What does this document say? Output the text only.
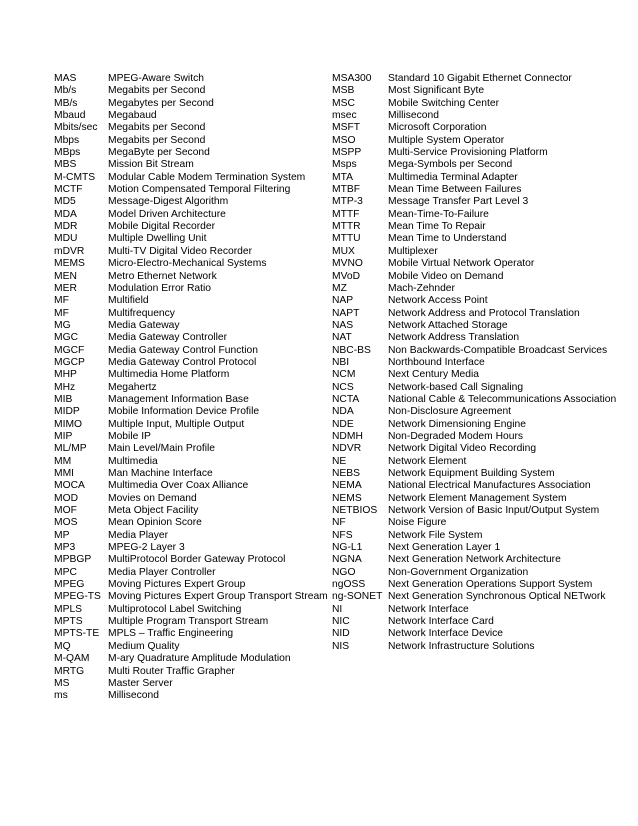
MAS	MPEG-Aware Switch
Mb/s	Megabits per Second
MB/s	Megabytes per Second
Mbaud	Megabaud
Mbits/sec	Megabits per Second
Mbps	Megabits per Second
MBps	MegaByte per Second
MBS	Mission Bit Stream
M-CMTS	Modular Cable Modem Termination System
MCTF	Motion Compensated Temporal Filtering
MD5	Message-Digest Algorithm
MDA	Model Driven Architecture
MDR	Mobile Digital Recorder
MDU	Multiple Dwelling Unit
mDVR	Multi-TV Digital Video Recorder
MEMS	Micro-Electro-Mechanical Systems
MEN	Metro Ethernet Network
MER	Modulation Error Ratio
MF	Multifield
MF	Multifrequency
MG	Media Gateway
MGC	Media Gateway Controller
MGCF	Media Gateway Control Function
MGCP	Media Gateway Control Protocol
MHP	Multimedia Home Platform
MHz	Megahertz
MIB	Management Information Base
MIDP	Mobile Information Device Profile
MIMO	Multiple Input, Multiple Output
MIP	Mobile IP
ML/MP	Main Level/Main Profile
MM	Multimedia
MMI	Man Machine Interface
MOCA	Multimedia Over Coax Alliance
MOD	Movies on Demand
MOF	Meta Object Facility
MOS	Mean Opinion Score
MP	Media Player
MP3	MPEG-2 Layer 3
MPBGP	MultiProtocol Border Gateway Protocol
MPC	Media Player Controller
MPEG	Moving Pictures Expert Group
MPEG-TS Moving Pictures Expert Group Transport Stream
MPLS	Multiprotocol Label Switching
MPTS	Multiple Program Transport Stream
MPTS-TE MPLS – Traffic Engineering
MQ	Medium Quality
M-QAM	M-ary Quadrature Amplitude Modulation
MRTG	Multi Router Traffic Grapher
MS	Master Server
ms	Millisecond
MSA300	Standard 10 Gigabit Ethernet Connector
MSB	Most Significant Byte
MSC	Mobile Switching Center
msec	Millisecond
MSFT	Microsoft Corporation
MSO	Multiple System Operator
MSPP	Multi-Service Provisioning Platform
Msps	Mega-Symbols per Second
MTA	Multimedia Terminal Adapter
MTBF	Mean Time Between Failures
MTP-3	Message Transfer Part Level 3
MTTF	Mean-Time-To-Failure
MTTR	Mean Time To Repair
MTTU	Mean Time to Understand
MUX	Multiplexer
MVNO	Mobile Virtual Network Operator
MVoD	Mobile Video on Demand
MZ	Mach-Zehnder
NAP	Network Access Point
NAPT	Network Address and Protocol Translation
NAS	Network Attached Storage
NAT	Network Address Translation
NBC-BS	Non Backwards-Compatible Broadcast Services
NBI	Northbound Interface
NCM	Next Century Media
NCS	Network-based Call Signaling
NCTA	National Cable & Telecommunications Association
NDA	Non-Disclosure Agreement
NDE	Network Dimensioning Engine
NDMH	Non-Degraded Modem Hours
NDVR	Network Digital Video Recording
NE	Network Element
NEBS	Network Equipment Building System
NEMA	National Electrical Manufactures Association
NEMS	Network Element Management System
NETBIOS	Network Version of Basic Input/Output System
NF	Noise Figure
NFS	Network File System
NG-L1	Next Generation Layer 1
NGNA	Next Generation Network Architecture
NGO	Non-Government Organization
ngOSS	Next Generation Operations Support System
ng-SONET Next Generation Synchronous Optical NETwork
NI	Network Interface
NIC	Network Interface Card
NID	Network Interface Device
NIS	Network Infrastructure Solutions
